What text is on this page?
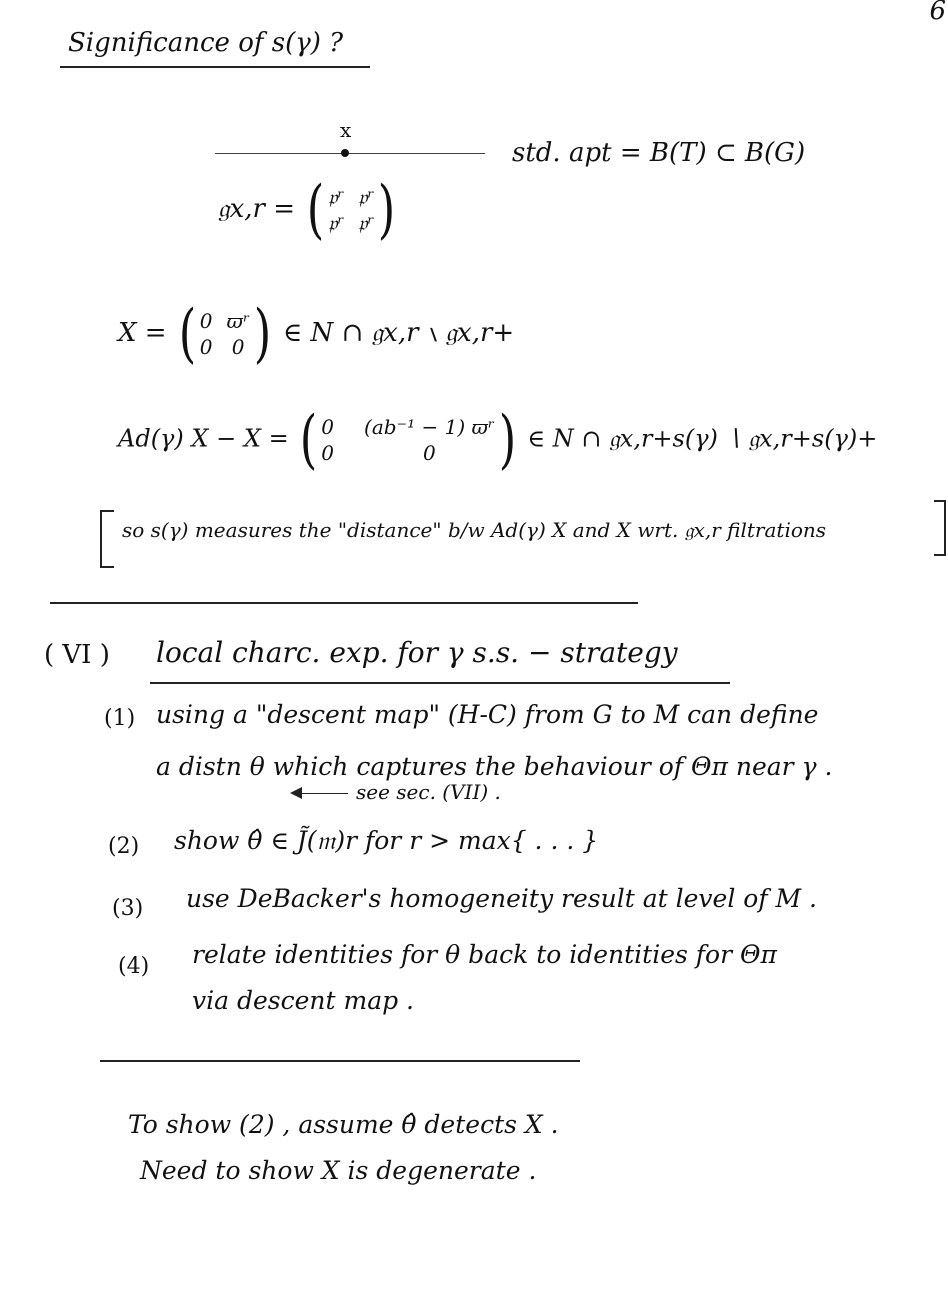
6
Significance of s(γ) ?
x
std. apt = B(T) ⊂ B(G)
𝔤x,r = ( 𝔭ʳ 𝔭ʳ
𝔭ʳ 𝔭ʳ )
X = ( 0 ϖʳ
0 0 ) ∈ N ∩ 𝔤x,r ∖ 𝔤x,r+
Ad(γ) X − X = ( 0 (ab⁻¹ − 1) ϖʳ
0	0 ) ∈ N ∩ 𝔤x,r+s(γ) ∖ 𝔤x,r+s(γ)+
so s(γ) measures the "distance" b/w Ad(γ) X and X wrt. 𝔤x,r filtrations
( VI ) local charc. exp. for γ s.s. − strategy
(1) using a "descent map" (H-C) from G to M can define
a distn θ which captures the behaviour of Θπ near γ .
see sec. (VII) .
(2) show θ̂ ∈ J̃(𝔪)r for r > max{ . . . }
(3) use DeBacker's homogeneity result at level of M .
(4) relate identities for θ back to identities for Θπ
via descent map .
To show (2) , assume θ̂ detects X .
Need to show X is degenerate .
